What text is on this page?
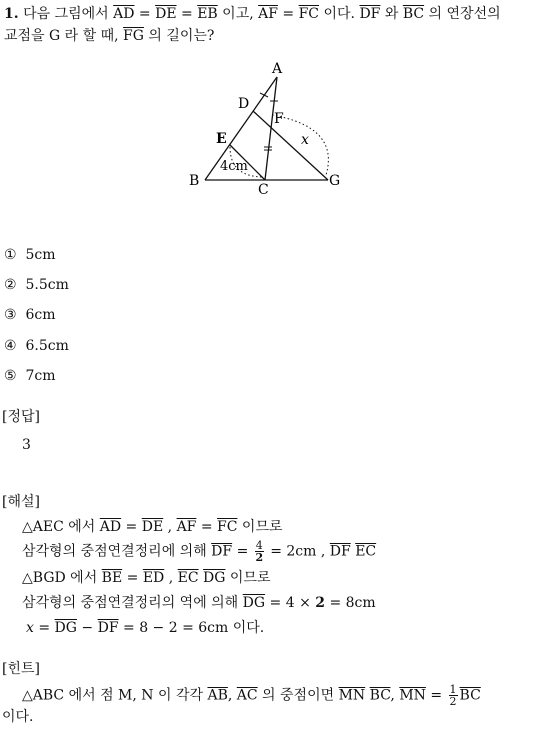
1. 다음 그림에서 $\overline{AD} = \overline{DE} = \overline{EB}$ 이고, $\overline{AF} = \overline{FC}$ 이다. $\overline{DF}$ 와 $\overline{BC}$ 의 연장선의
교점을 G 라 할 때, $\overline{FG}$ 의 길이는?
A
D
F
E	x
4cm
B
C
G
① 5cm
② 5.5cm
③ 6cm
④ 6.5cm
⑤ 7cm
[정답]
3
[해설]
△AEC 에서 $\overline{AD} = \overline{DE}$ , $\overline{AF} = \overline{FC}$ 이므로
삼각형의 중점연결정리에 의해 $\overline{DF} = \frac{4}{2} = 2cm$ , $\overline{DF}$ $\overline{EC}$
△BGD 에서 $\overline{BE} = \overline{ED}$ , $\overline{EC}$ $\overline{DG}$ 이므로
삼각형의 중점연결정리의 역에 의해 $\overline{DG} = 4 \times 2 = 8cm$
$x = \overline{DG} - \overline{DF} = 8 - 2 = 6cm$ 이다.
[힌트]
△ABC 에서 점 M, N 이 각각 $\overline{AB}$, $\overline{AC}$ 의 중점이면 $\overline{MN}$ $\overline{BC}$, $\overline{MN} = \frac{1}{2} \overline{BC}$
이다.
